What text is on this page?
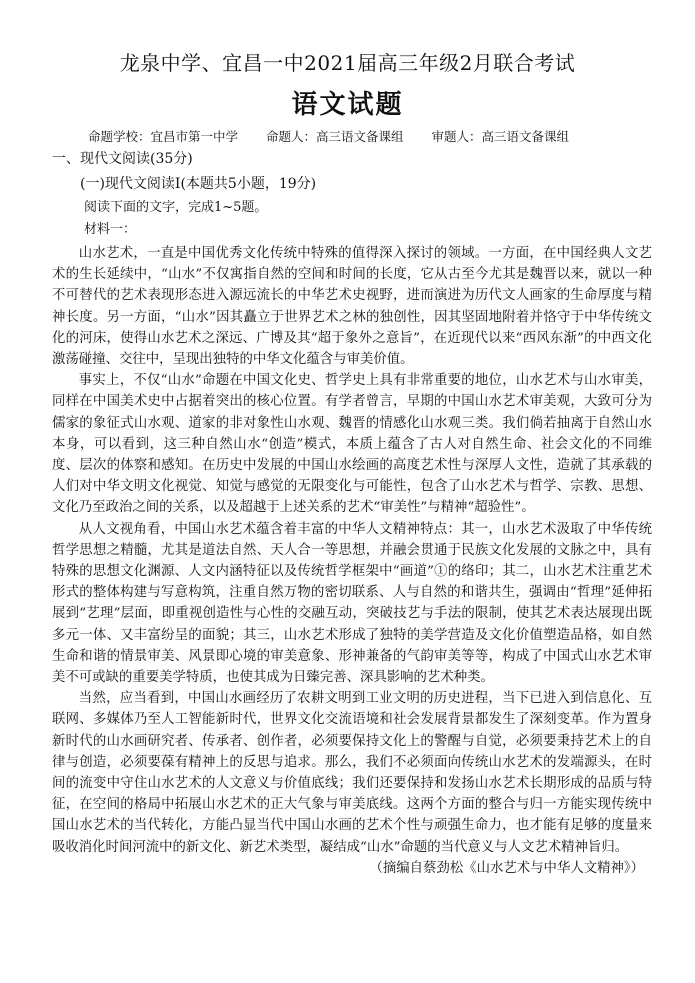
龙泉中学、宜昌一中2021届高三年级2月联合考试
语文试题
命题学校：宜昌市第一中学 命题人：高三语文备课组 审题人：高三语文备课组
一、现代文阅读(35分)
(一)现代文阅读Ⅰ(本题共5小题，19分)
阅读下面的文字，完成1~5题。
材料一：

山水艺术，一直是中国优秀文化传统中特殊的值得深入探讨的领域。一方面，在中国经典人文艺术的生长延续中，“山水”不仅寓指自然的空间和时间的长度，它从古至今尤其是魏晋以来，就以一种不可替代的艺术表现形态进入源远流长的中华艺术史视野，进而演进为历代文人画家的生命厚度与精神长度。另一方面，“山水”因其矗立于世界艺术之林的独创性，因其坚固地附着并恪守于中华传统文化的河床，使得山水艺术之深远、广博及其“超于象外之意旨”，在近现代以来“西风东渐”的中西文化激荡碰撞、交往中，呈现出独特的中华文化蕴含与审美价值。

事实上，不仅“山水”命题在中国文化史、哲学史上具有非常重要的地位，山水艺术与山水审美，同样在中国美术史中占据着突出的核心位置。有学者曾言，早期的中国山水艺术审美观，大致可分为儒家的象征式山水观、道家的非对象性山水观、魏晋的情感化山水观三类。我们倘若抽离于自然山水本身，可以看到，这三种自然山水“创造”模式，本质上蕴含了古人对自然生命、社会文化的不同维度、层次的体察和感知。在历史中发展的中国山水绘画的高度艺术性与深厚人文性，造就了其承载的人们对中华文明文化视觉、知觉与感觉的无限变化与可能性，包含了山水艺术与哲学、宗教、思想、文化乃至政治之间的关系，以及超越于上述关系的艺术“审美性”与精神“超验性”。

从人文视角看，中国山水艺术蕴含着丰富的中华人文精神特点：其一，山水艺术汲取了中华传统哲学思想之精髓，尤其是道法自然、天人合一等思想，并融会贯通于民族文化发展的文脉之中，具有特殊的思想文化渊源、人文内涵特征以及传统哲学框架中“画道”①的络印；其二，山水艺术注重艺术形式的整体构建与写意构筑，注重自然万物的密切联系、人与自然的和谐共生，强调由“哲理”延伸拓展到“艺理”层面，即重视创造性与心性的交融互动，突破技艺与手法的限制，使其艺术表达展现出既多元一体、又丰富纷呈的面貌；其三，山水艺术形成了独特的美学营造及文化价值塑造品格，如自然生命和谐的情景审美、风景即心境的审美意象、形神兼备的气韵审美等等，构成了中国式山水艺术审美不可或缺的重要美学特质，也使其成为日臻完善、深具影响的艺术种类。

当然，应当看到，中国山水画经历了农耕文明到工业文明的历史进程，当下已进入到信息化、互联网、多媒体乃至人工智能新时代，世界文化交流语境和社会发展背景都发生了深刻变革。作为置身新时代的山水画研究者、传承者、创作者，必须要保持文化上的警醒与自觉，必须要秉持艺术上的自律与创造，必须要葆有精神上的反思与追求。那么，我们不必须面向传统山水艺术的发端源头，在时间的流变中守住山水艺术的人文意义与价值底线；我们还要保持和发扬山水艺术长期形成的品质与特征，在空间的格局中拓展山水艺术的正大气象与审美底线。这两个方面的整合与归一方能实现传统中国山水艺术的当代转化，方能凸显当代中国山水画的艺术个性与顽强生命力，也才能有足够的度量来吸收消化时间河流中的新文化、新艺术类型，凝结成“山水”命题的当代意义与人文艺术精神旨归。
（摘编自蔡劲松《山水艺术与中华人文精神》）
